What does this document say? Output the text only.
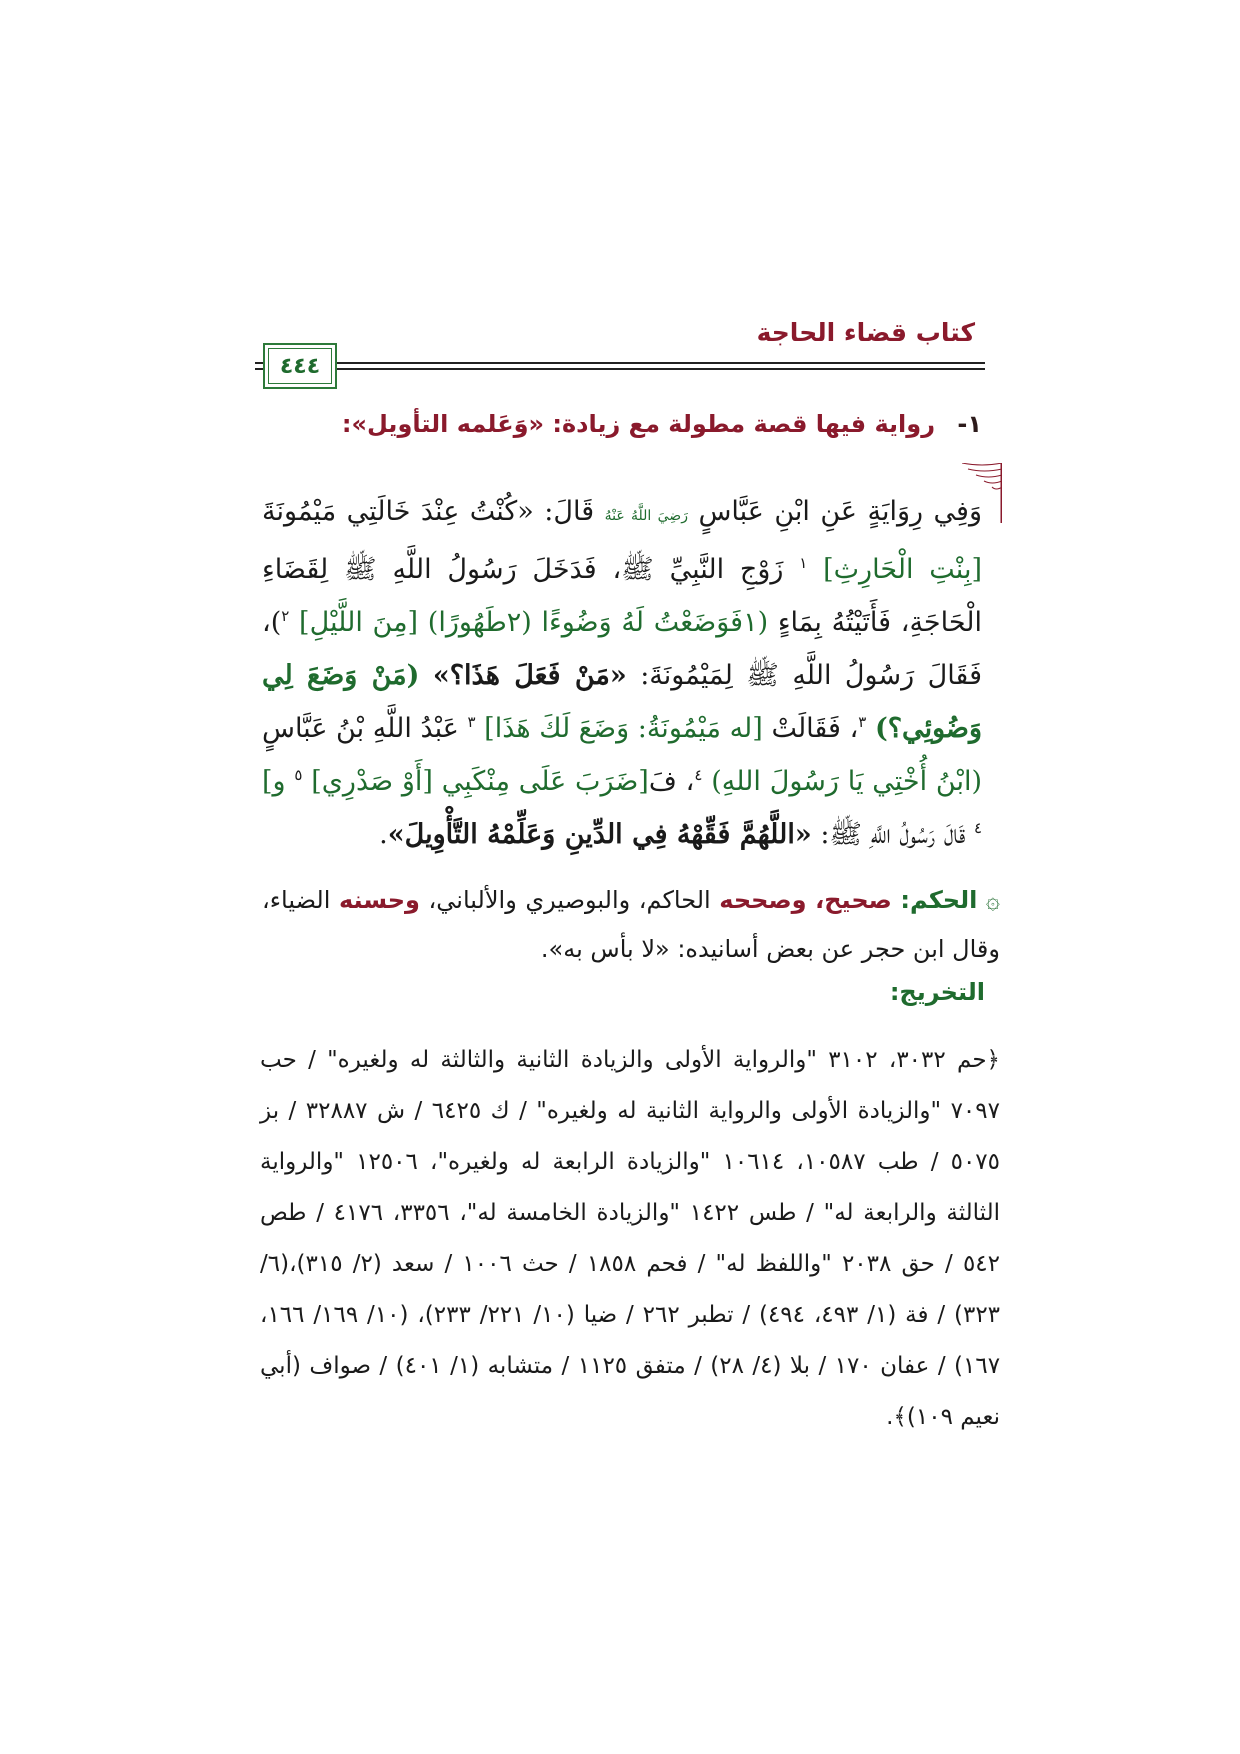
كتاب قضاء الحاجة
٤٤٤
١- رواية فيها قصة مطولة مع زيادة: «وَعَلمه التأويل»:
وَفِي رِوَايَةٍ عَنِ ابْنِ عَبَّاسٍ رَضِيَ اللَّهُ عَنْهُ قَالَ: «كُنْتُ عِنْدَ خَالَتِي مَيْمُونَةَ [بِنْتِ الْحَارِثِ] $^١$ زَوْجِ النَّبِيِّ ﷺ، فَدَخَلَ رَسُولُ اللَّهِ ﷺ لِقَضَاءِ الْحَاجَةِ، فَأَتَيْتُهُ بِمَاءٍ (١فَوَضَعْتُ لَهُ وَضُوءًا (٢طَهُورًا) [مِنَ اللَّيْلِ] $^٢$)، فَقَالَ رَسُولُ اللَّهِ ﷺ لِمَيْمُونَةَ: «مَنْ فَعَلَ هَذَا؟» (مَنْ وَضَعَ لِي وَضُوئِي؟) $^٣$، فَقَالَتْ [له مَيْمُونَةُ: وَضَعَ لَكَ هَذَا] $^٣$ عَبْدُ اللَّهِ بْنُ عَبَّاسٍ (ابْنُ أُخْتِي يَا رَسُولَ اللهِ) $^٤$، فَ[ضَرَبَ عَلَى مِنْكَبِي [أَوْ صَدْرِي] $^٥$ و] $^٤$ قَالَ رَسُولُ اللَّهِ ﷺ: «اللَّهُمَّ فَقِّهْهُ فِي الدِّينِ وَعَلِّمْهُ التَّأْوِيلَ».
۞ الحكم: صحيح، وصححه الحاكم، والبوصيري والألباني، وحسنه الضياء، وقال ابن حجر عن بعض أسانيده: «لا بأس به».
التخريج:

﴿حم ٣٠٣٢، ٣١٠٢ "والرواية الأولى والزيادة الثانية والثالثة له ولغيره" / حب ٧٠٩٧ "والزيادة الأولى والرواية الثانية له ولغيره" / ك ٦٤٢٥ / ش ٣٢٨٨٧ / بز ٥٠٧٥ / طب ١٠٥٨٧، ١٠٦١٤ "والزيادة الرابعة له ولغيره"، ١٢٥٠٦ "والرواية الثالثة والرابعة له" / طس ١٤٢٢ "والزيادة الخامسة له"، ٣٣٥٦، ٤١٧٦ / طص ٥٤٢ / حق ٢٠٣٨ "واللفظ له" / فحم ١٨٥٨ / حث ١٠٠٦ / سعد (٢/ ٣١٥)،(٦/ ٣٢٣) / فة (١/ ٤٩٣، ٤٩٤) / تطبر ٢٦٢ / ضيا (١٠/ ٢٢١/ ٢٣٣)، (١٠/ ١٦٩/ ١٦٦، ١٦٧) / عفان ١٧٠ / بلا (٤/ ٢٨) / متفق ١١٢٥ / متشابه (١/ ٤٠١) / صواف (أبي نعيم ١٠٩)﴾.
